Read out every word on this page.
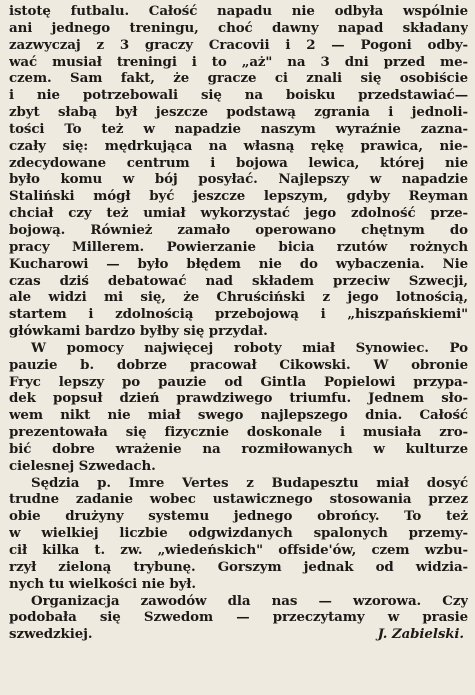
istotę futbalu. Całość napadu nie odbyła wspólnie
ani jednego treningu, choć dawny napad składany
zazwyczaj z 3 graczy Cracovii i 2 — Pogoni odby-
wać musiał treningi i to „aż" na 3 dni przed me-
czem. Sam fakt, że gracze ci znali się osobiście
i nie potrzebowali się na boisku przedstawiać—
zbyt słabą był jeszcze podstawą zgrania i jednoli-
tości To też w napadzie naszym wyraźnie zazna-
czały się: mędrkująca na własną rękę prawica, nie-
zdecydowane centrum i bojowa lewica, której nie
było komu w bój posyłać. Najlepszy w napadzie
Staliński mógł być jeszcze lepszym, gdyby Reyman
chciał czy też umiał wykorzystać jego zdolność prze-
bojową. Również zamało operowano chętnym do
pracy Millerem. Powierzanie bicia rzutów rożnych
Kucharowi — było błędem nie do wybaczenia. Nie
czas dziś debatować nad składem przeciw Szwecji,
ale widzi mi się, że Chruściński z jego lotnością,
startem i zdolnością przebojową i „hiszpańskiemi"
główkami bardzo byłby się przydał.
W pomocy najwięcej roboty miał Synowiec. Po
pauzie b. dobrze pracował Cikowski. W obronie
Fryc lepszy po pauzie od Gintla Popielowi przypa-
dek popsuł dzień prawdziwego triumfu. Jednem sło-
wem nikt nie miał swego najlepszego dnia. Całość
prezentowała się fizycznie doskonale i musiała zro-
bić dobre wrażenie na rozmiłowanych w kulturze
cielesnej Szwedach.
Sędzia p. Imre Vertes z Budapesztu miał dosyć
trudne zadanie wobec ustawicznego stosowania przez
obie drużyny systemu jednego obrońcy. To też
w wielkiej liczbie odgwizdanych spalonych przemy-
cił kilka t. zw. „wiedeńskich" offside'ów, czem wzbu-
rzył zieloną trybunę. Gorszym jednak od widzia-
nych tu wielkości nie był.
Organizacja zawodów dla nas — wzorowa. Czy
podobała się Szwedom — przeczytamy w prasie
szwedzkiej.	J. Zabielski.
